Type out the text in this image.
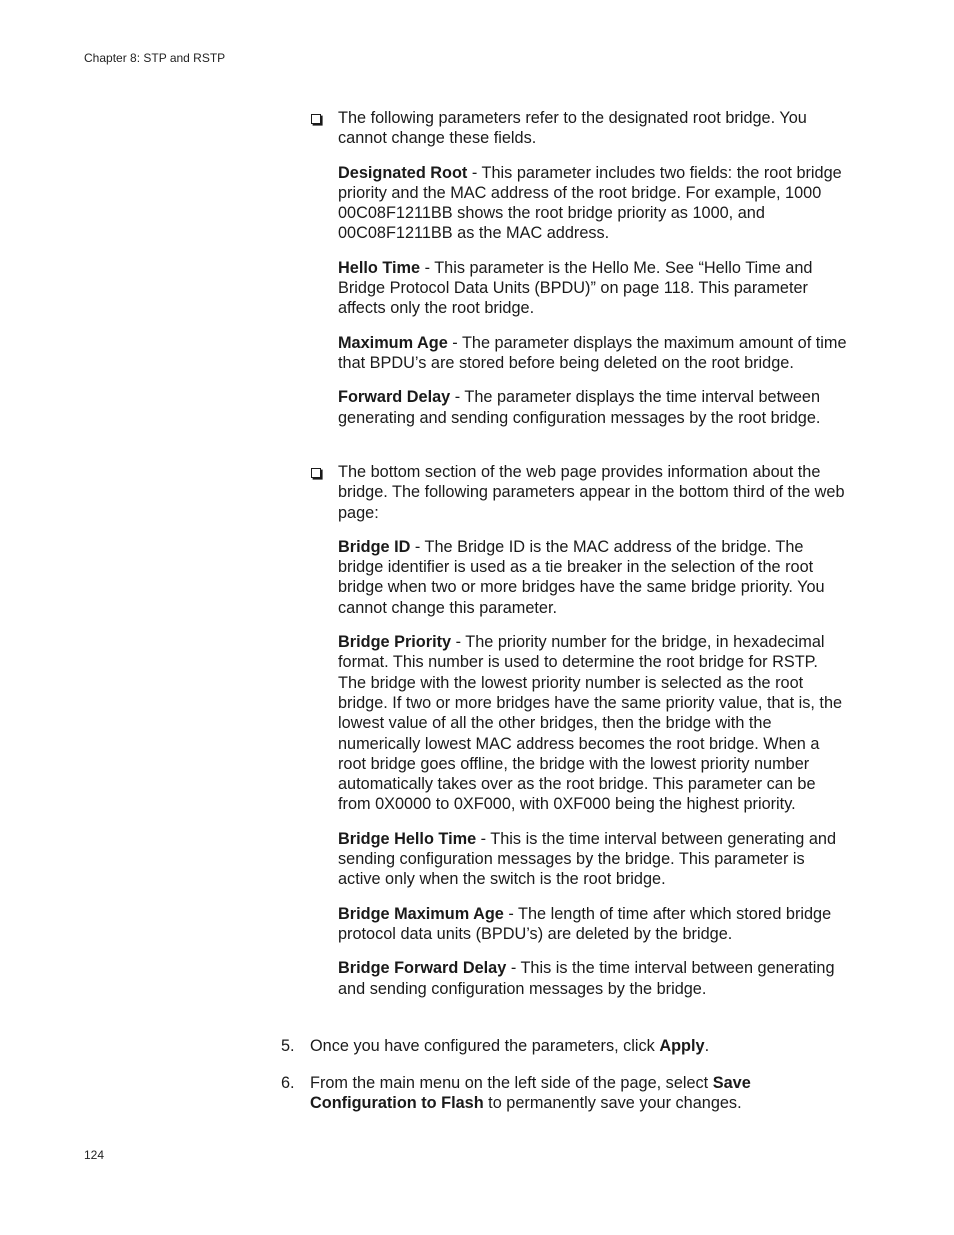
Chapter 8: STP and RSTP

The following parameters refer to the designated root bridge. You cannot change these fields.

Designated Root - This parameter includes two fields: the root bridge priority and the MAC address of the root bridge. For example, 1000 00C08F1211BB shows the root bridge priority as 1000, and 00C08F1211BB as the MAC address.

Hello Time - This parameter is the Hello Me. See “Hello Time and Bridge Protocol Data Units (BPDU)” on page 118. This parameter affects only the root bridge.

Maximum Age - The parameter displays the maximum amount of time that BPDU’s are stored before being deleted on the root bridge.

Forward Delay - The parameter displays the time interval between generating and sending configuration messages by the root bridge.

The bottom section of the web page provides information about the bridge. The following parameters appear in the bottom third of the web page:

Bridge ID - The Bridge ID is the MAC address of the bridge. The bridge identifier is used as a tie breaker in the selection of the root bridge when two or more bridges have the same bridge priority. You cannot change this parameter.

Bridge Priority - The priority number for the bridge, in hexadecimal format. This number is used to determine the root bridge for RSTP. The bridge with the lowest priority number is selected as the root bridge. If two or more bridges have the same priority value, that is, the lowest value of all the other bridges, then the bridge with the numerically lowest MAC address becomes the root bridge. When a root bridge goes offline, the bridge with the lowest priority number automatically takes over as the root bridge. This parameter can be from 0X0000 to 0XF000, with 0XF000 being the highest priority.

Bridge Hello Time - This is the time interval between generating and sending configuration messages by the bridge. This parameter is active only when the switch is the root bridge.

Bridge Maximum Age - The length of time after which stored bridge protocol data units (BPDU’s) are deleted by the bridge.

Bridge Forward Delay - This is the time interval between generating and sending configuration messages by the bridge.

5. Once you have configured the parameters, click Apply.
6. From the main menu on the left side of the page, select Save Configuration to Flash to permanently save your changes.
124
